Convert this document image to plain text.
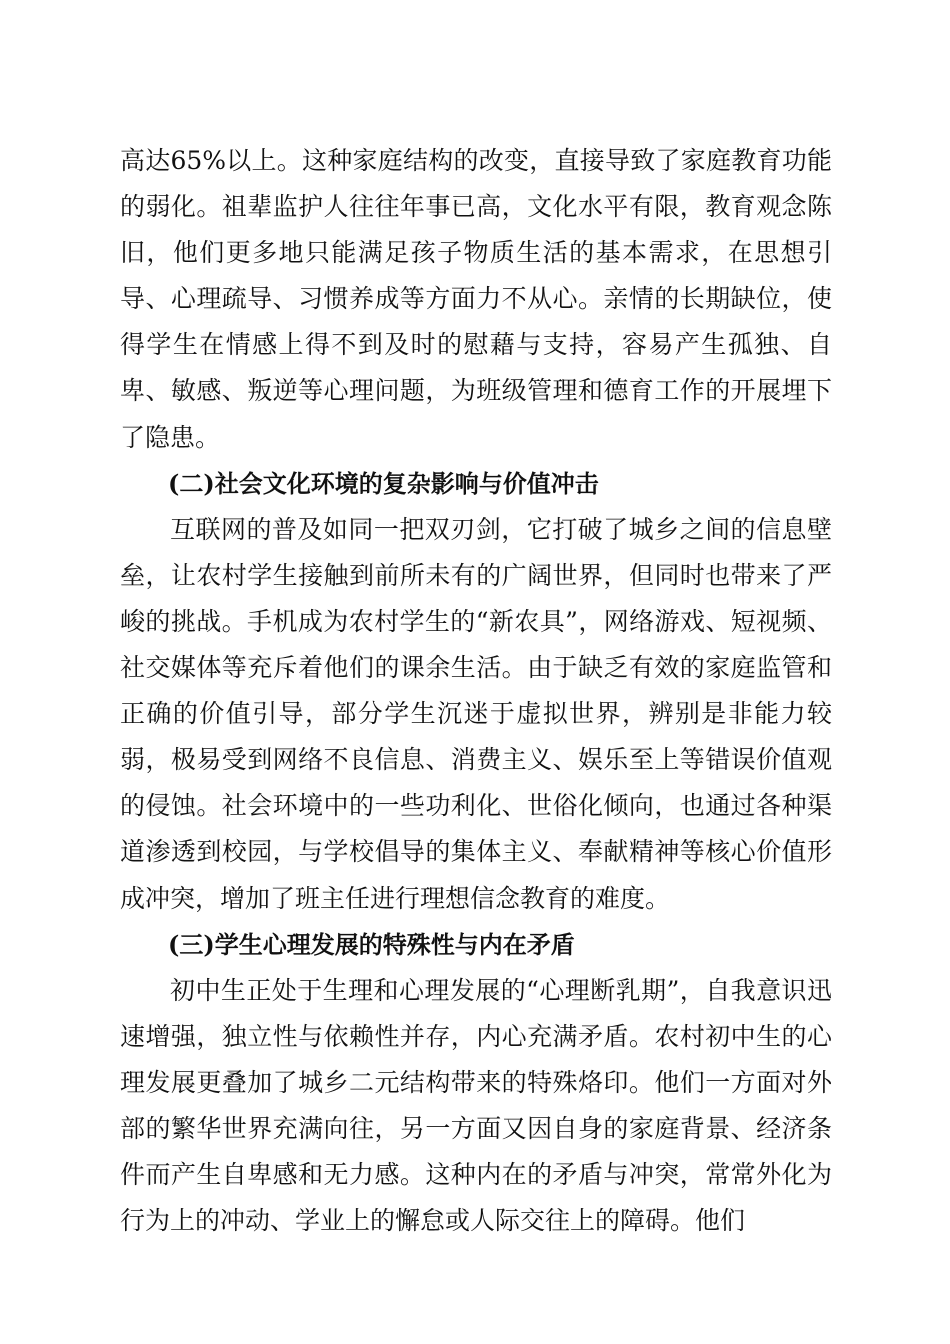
高达65%以上。这种家庭结构的改变，直接导致了家庭教育功能的弱化。祖辈监护人往往年事已高，文化水平有限，教育观念陈旧，他们更多地只能满足孩子物质生活的基本需求，在思想引导、心理疏导、习惯养成等方面力不从心。亲情的长期缺位，使得学生在情感上得不到及时的慰藉与支持，容易产生孤独、自卑、敏感、叛逆等心理问题，为班级管理和德育工作的开展埋下了隐患。

(二)社会文化环境的复杂影响与价值冲击

互联网的普及如同一把双刃剑，它打破了城乡之间的信息壁垒，让农村学生接触到前所未有的广阔世界，但同时也带来了严峻的挑战。手机成为农村学生的“新农具”，网络游戏、短视频、社交媒体等充斥着他们的课余生活。由于缺乏有效的家庭监管和正确的价值引导，部分学生沉迷于虚拟世界，辨别是非能力较弱，极易受到网络不良信息、消费主义、娱乐至上等错误价值观的侵蚀。社会环境中的一些功利化、世俗化倾向，也通过各种渠道渗透到校园，与学校倡导的集体主义、奉献精神等核心价值形成冲突，增加了班主任进行理想信念教育的难度。

(三)学生心理发展的特殊性与内在矛盾

初中生正处于生理和心理发展的“心理断乳期”，自我意识迅速增强，独立性与依赖性并存，内心充满矛盾。农村初中生的心理发展更叠加了城乡二元结构带来的特殊烙印。他们一方面对外部的繁华世界充满向往，另一方面又因自身的家庭背景、经济条件而产生自卑感和无力感。这种内在的矛盾与冲突，常常外化为行为上的冲动、学业上的懈怠或人际交往上的障碍。他们
